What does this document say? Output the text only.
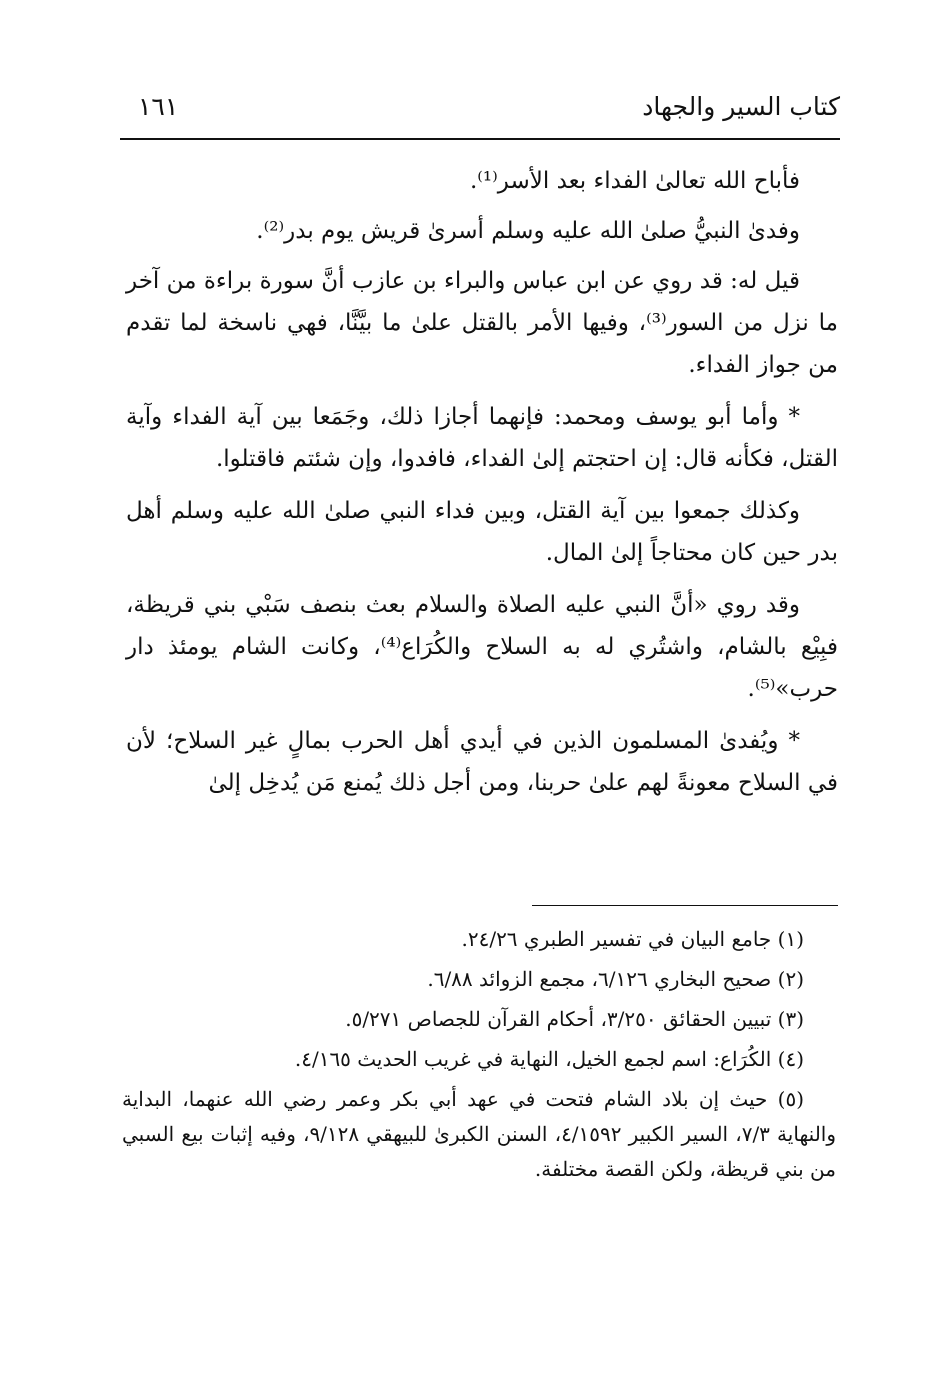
كتاب السير والجهاد
١٦١

فأباح الله تعالىٰ الفداء بعد الأسر⁽¹⁾.

وفدىٰ النبيُّ صلىٰ الله عليه وسلم أسرىٰ قريش يوم بدر⁽²⁾.

قيل له: قد روي عن ابن عباس والبراء بن عازب أنَّ سورة براءة من آخر ما نزل من السور⁽³⁾، وفيها الأمر بالقتل علىٰ ما بيَّنَّا، فهي ناسخة لما تقدم من جواز الفداء.

* وأما أبو يوسف ومحمد: فإنهما أجازا ذلك، وجَمَعا بين آية الفداء وآية القتل، فكأنه قال: إن احتجتم إلىٰ الفداء، فافدوا، وإن شئتم فاقتلوا.

وكذلك جمعوا بين آية القتل، وبين فداء النبي صلىٰ الله عليه وسلم أهل بدر حين كان محتاجاً إلىٰ المال.

وقد روي «أنَّ النبي عليه الصلاة والسلام بعث بنصف سَبْي بني قريظة، فبِيْع بالشام، واشتُري له به السلاح والكُرَاع⁽⁴⁾، وكانت الشام يومئذ دار حرب»⁽⁵⁾.

* ويُفدىٰ المسلمون الذين في أيدي أهل الحرب بمالٍ غير السلاح؛ لأن في السلاح معونةً لهم علىٰ حربنا، ومن أجل ذلك يُمنع مَن يُدخِل إلىٰ

(١) جامع البيان في تفسير الطبري ٢٤/٢٦.

(٢) صحيح البخاري ٦/١٢٦، مجمع الزوائد ٦/٨٨.

(٣) تبيين الحقائق ٣/٢٥٠، أحكام القرآن للجصاص ٥/٢٧١.

(٤) الكُرَاع: اسم لجمع الخيل، النهاية في غريب الحديث ٤/١٦٥.

(٥) حيث إن بلاد الشام فتحت في عهد أبي بكر وعمر رضي الله عنهما، البداية والنهاية ٧/٣، السير الكبير ٤/١٥٩٢، السنن الكبرىٰ للبيهقي ٩/١٢٨، وفيه إثبات بيع السبي من بني قريظة، ولكن القصة مختلفة.
